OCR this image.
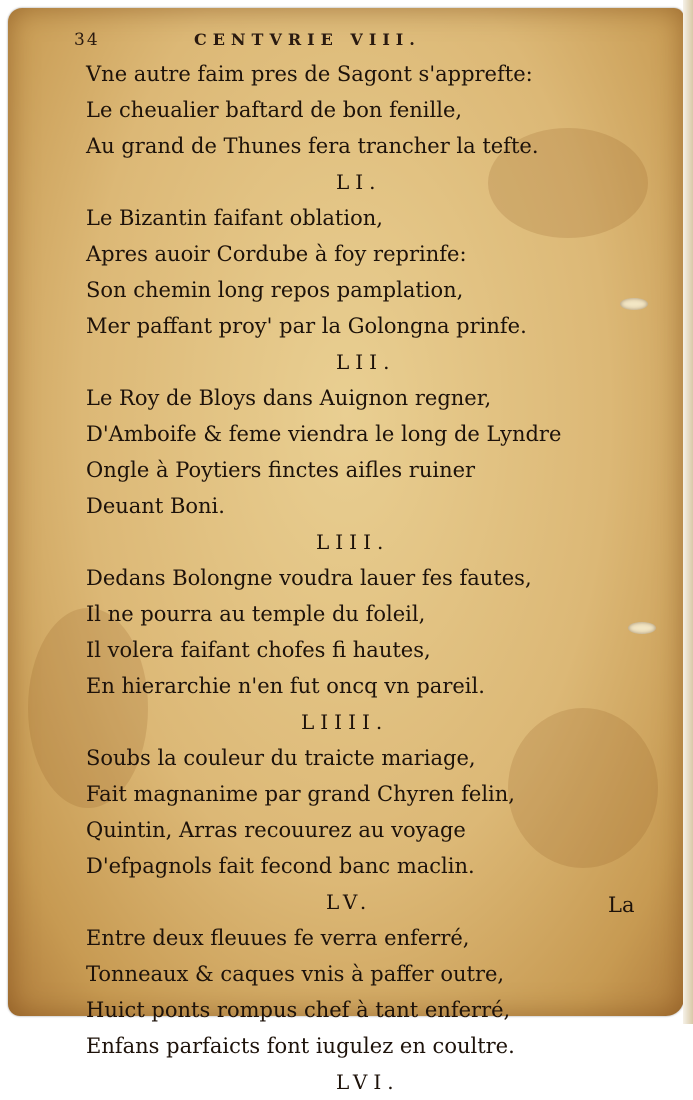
34	CENTVRIE VIII.
Vne autre faim pres de Sagont s'apprefte:
Le cheualier baftard de bon fenille,
Au grand de Thunes fera trancher la tefte.
LI.
Le Bizantin faifant oblation,
Apres auoir Cordube à foy reprinfe:
Son chemin long repos pamplation,
Mer paffant proy' par la Golongna prinfe.
LII.
Le Roy de Bloys dans Auignon regner,
D'Amboife & feme viendra le long de Lyndre
Ongle à Poytiers finctes aifles ruiner
Deuant Boni.
LIII.
Dedans Bolongne voudra lauer fes fautes,
Il ne pourra au temple du foleil,
Il volera faifant chofes fi hautes,
En hierarchie n'en fut oncq vn pareil.
LIIII.
Soubs la couleur du traicte mariage,
Fait magnanime par grand Chyren felin,
Quintin, Arras recouurez au voyage
D'efpagnols fait fecond banc maclin.
LV.
Entre deux fleuues fe verra enferré,
Tonneaux & caques vnis à paffer outre,
Huict ponts rompus chef à tant enferré,
Enfans parfaicts font iugulez en coultre.
LVI.
La
